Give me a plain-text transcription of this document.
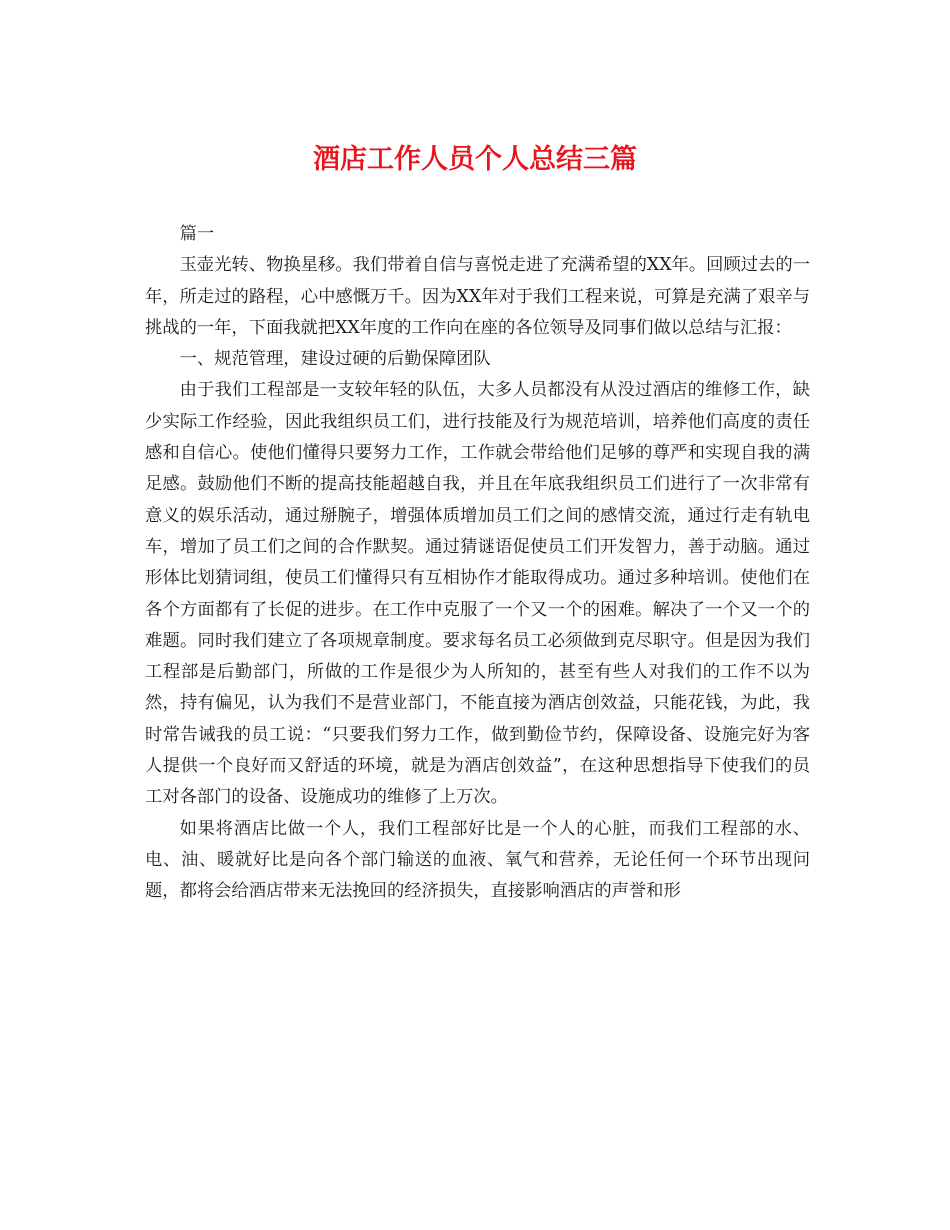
酒店工作人员个人总结三篇

篇一

玉壶光转、物换星移。我们带着自信与喜悦走进了充满希望的XX年。回顾过去的一年，所走过的路程，心中感慨万千。因为XX年对于我们工程来说，可算是充满了艰辛与挑战的一年，下面我就把XX年度的工作向在座的各位领导及同事们做以总结与汇报：

一、规范管理，建设过硬的后勤保障团队

由于我们工程部是一支较年轻的队伍，大多人员都没有从没过酒店的维修工作，缺少实际工作经验，因此我组织员工们，进行技能及行为规范培训，培养他们高度的责任感和自信心。使他们懂得只要努力工作，工作就会带给他们足够的尊严和实现自我的满足感。鼓励他们不断的提高技能超越自我，并且在年底我组织员工们进行了一次非常有意义的娱乐活动，通过掰腕子，增强体质增加员工们之间的感情交流，通过行走有轨电车，增加了员工们之间的合作默契。通过猜谜语促使员工们开发智力，善于动脑。通过形体比划猜词组，使员工们懂得只有互相协作才能取得成功。通过多种培训。使他们在各个方面都有了长促的进步。在工作中克服了一个又一个的困难。解决了一个又一个的难题。同时我们建立了各项规章制度。要求每名员工必须做到克尽职守。但是因为我们工程部是后勤部门，所做的工作是很少为人所知的，甚至有些人对我们的工作不以为然，持有偏见，认为我们不是营业部门，不能直接为酒店创效益，只能花钱，为此，我时常告诫我的员工说：“只要我们努力工作，做到勤俭节约，保障设备、设施完好为客人提供一个良好而又舒适的环境，就是为酒店创效益”，在这种思想指导下使我们的员工对各部门的设备、设施成功的维修了上万次。

如果将酒店比做一个人，我们工程部好比是一个人的心脏，而我们工程部的水、电、油、暖就好比是向各个部门输送的血液、氧气和营养，无论任何一个环节出现问题，都将会给酒店带来无法挽回的经济损失，直接影响酒店的声誉和形
